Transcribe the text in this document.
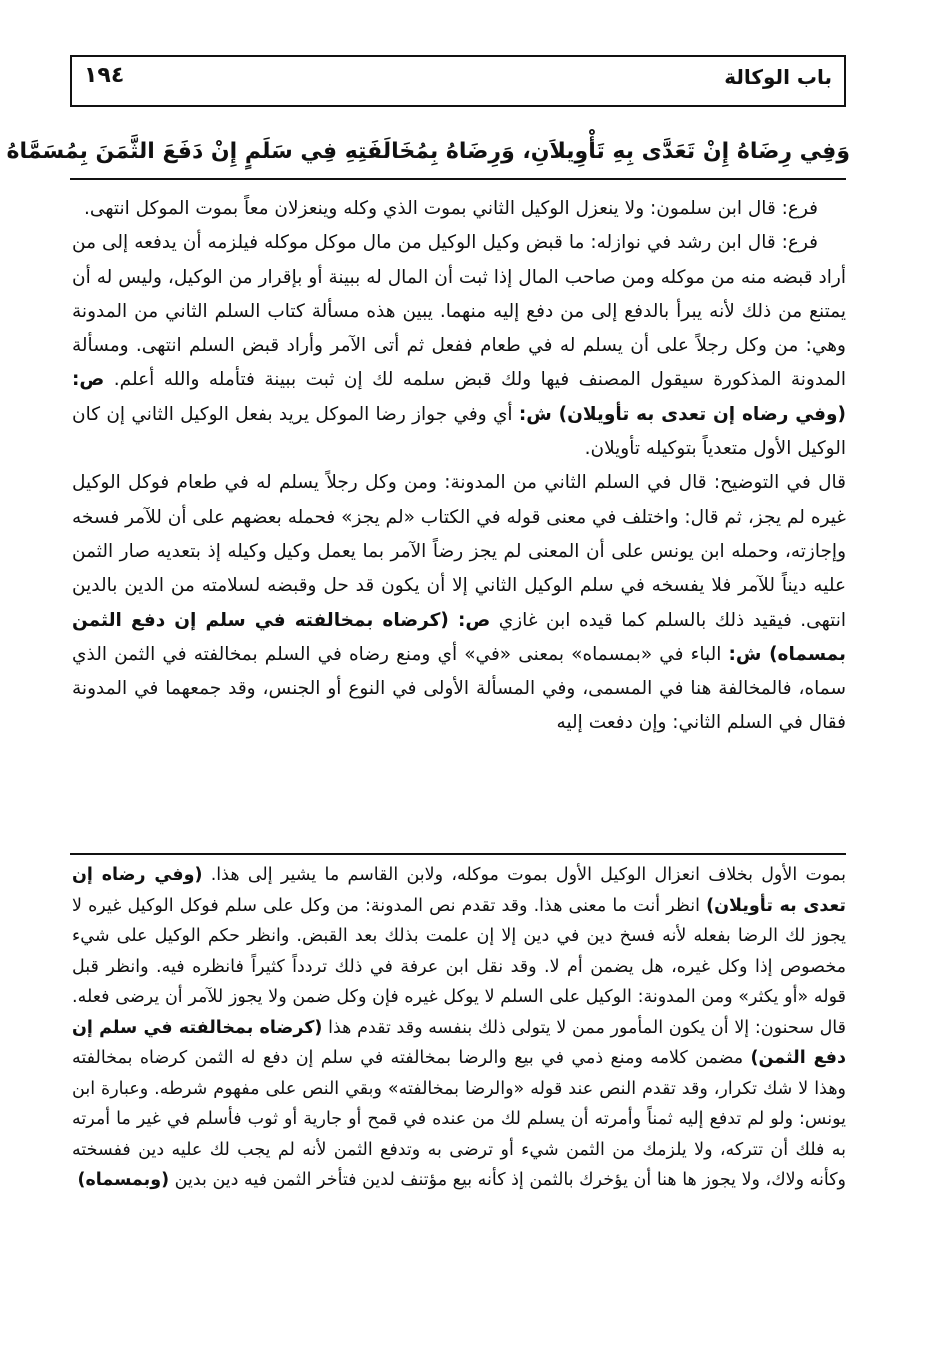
باب الوكالة
١٩٤
وَفِي رِضَاهُ إِنْ تَعَدَّى بِهِ تَأْوِيلاَنِ، وَرِضَاهُ بِمُخَالَفَتِهِ فِي سَلَمٍ إِنْ دَفَعَ الثَّمَنَ بِمُسَمَّاهُ

فرع: قال ابن سلمون: ولا ينعزل الوكيل الثاني بموت الذي وكله وينعزلان معاً بموت الموكل انتهى.

فرع: قال ابن رشد في نوازله: ما قبض وكيل الوكيل من مال موكل موكله فيلزمه أن يدفعه إلى من أراد قبضه منه من موكله ومن صاحب المال إذا ثبت أن المال له ببينة أو بإقرار من الوكيل، وليس له أن يمتنع من ذلك لأنه يبرأ بالدفع إلى من دفع إليه منهما. يبين هذه مسألة كتاب السلم الثاني من المدونة وهي: من وكل رجلاً على أن يسلم له في طعام ففعل ثم أتى الآمر وأراد قبض السلم انتهى. ومسألة المدونة المذكورة سيقول المصنف فيها ولك قبض سلمه لك إن ثبت ببينة فتأمله والله أعلم. ص: (وفي رضاه إن تعدى به تأويلان) ش: أي وفي جواز رضا الموكل يريد بفعل الوكيل الثاني إن كان الوكيل الأول متعدياً بتوكيله تأويلان.

قال في التوضيح: قال في السلم الثاني من المدونة: ومن وكل رجلاً يسلم له في طعام فوكل الوكيل غيره لم يجز، ثم قال: واختلف في معنى قوله في الكتاب «لم يجز» فحمله بعضهم على أن للآمر فسخه وإجازته، وحمله ابن يونس على أن المعنى لم يجز رضاً الآمر بما يعمل وكيل وكيله إذ بتعديه صار الثمن عليه ديناً للآمر فلا يفسخه في سلم الوكيل الثاني إلا أن يكون قد حل وقبضه لسلامته من الدين بالدين انتهى. فيقيد ذلك بالسلم كما قيده ابن غازي ص: (كرضاه بمخالفته في سلم إن دفع الثمن بمسماه) ش: الباء في «بمسماه» بمعنى «في» أي ومنع رضاه في السلم بمخالفته في الثمن الذي سماه، فالمخالفة هنا في المسمى، وفي المسألة الأولى في النوع أو الجنس، وقد جمعهما في المدونة فقال في السلم الثاني: وإن دفعت إليه

بموت الأول بخلاف انعزال الوكيل الأول بموت موكله، ولابن القاسم ما يشير إلى هذا. (وفي رضاه إن تعدى به تأويلان) انظر أنت ما معنى هذا. وقد تقدم نص المدونة: من وكل على سلم فوكل الوكيل غيره لا يجوز لك الرضا بفعله لأنه فسخ دين في دين إلا إن علمت بذلك بعد القبض. وانظر حكم الوكيل على شيء مخصوص إذا وكل غيره، هل يضمن أم لا. وقد نقل ابن عرفة في ذلك تردداً كثيراً فانظره فيه. وانظر قبل قوله «أو يكثر» ومن المدونة: الوكيل على السلم لا يوكل غيره فإن وكل ضمن ولا يجوز للآمر أن يرضى فعله. قال سحنون: إلا أن يكون المأمور ممن لا يتولى ذلك بنفسه وقد تقدم هذا (كرضاه بمخالفته في سلم إن دفع الثمن) مضمن كلامه ومنع ذمي في بيع والرضا بمخالفته في سلم إن دفع له الثمن كرضاه بمخالفته وهذا لا شك تكرار، وقد تقدم النص عند قوله «والرضا بمخالفته» وبقي النص على مفهوم شرطه. وعبارة ابن يونس: ولو لم تدفع إليه ثمناً وأمرته أن يسلم لك من عنده في قمح أو جارية أو ثوب فأسلم في غير ما أمرته به فلك أن تتركه، ولا يلزمك من الثمن شيء أو ترضى به وتدفع الثمن لأنه لم يجب لك عليه دين ففسخته وكأنه ولاك، ولا يجوز ها هنا أن يؤخرك بالثمن إذ كأنه بيع مؤتنف لدين فتأخر الثمن فيه دين بدين (وبمسماه)
